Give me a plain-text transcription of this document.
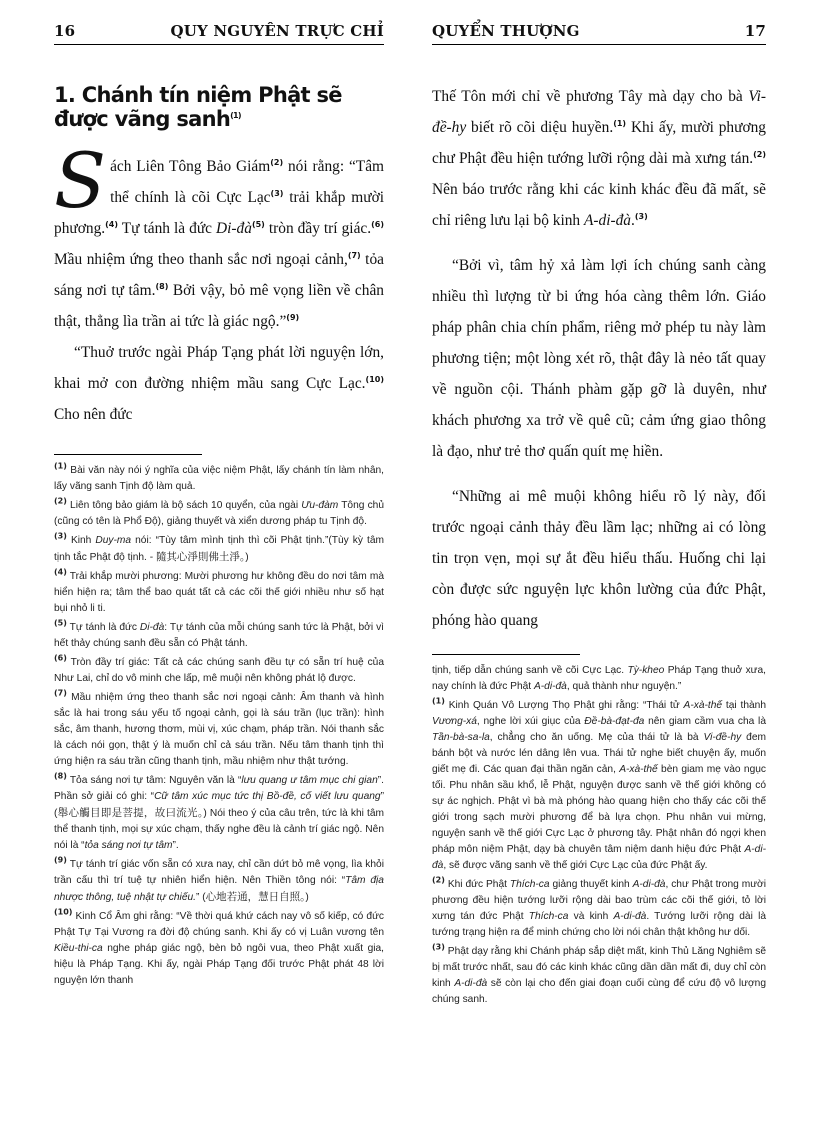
16	QUY NGUYÊN TRỰC CHỈ
1. Chánh tín niệm Phật sẽ được vãng sanh$^{(1)}$

Sách Liên Tông Bảo Giám$^{(2)}$ nói rằng: “Tâm thể chính là cõi Cực Lạc$^{(3)}$ trải khắp mười phương.$^{(4)}$ Tự tánh là đức $Di-đà^{(5)}$ tròn đầy trí giác.$^{(6)}$ Mầu nhiệm ứng theo thanh sắc nơi ngoại cảnh,$^{(7)}$ tỏa sáng nơi tự tâm.$^{(8)}$ Bởi vậy, bỏ mê vọng liền về chân thật, thẳng lìa trần ai tức là giác ngộ.”$^{(9)}$

“Thuở trước ngài Pháp Tạng phát lời nguyện lớn, khai mở con đường nhiệm mầu sang Cực Lạc.$^{(10)}$ Cho nên đức

$^{(1)}$ Bài văn này nói ý nghĩa của việc niệm Phật, lấy chánh tín làm nhân, lấy vãng sanh Tịnh độ làm quả.
$^{(2)}$ Liên tông bảo giám là bộ sách 10 quyển, của ngài Ưu-đàm Tông chủ (cũng có tên là Phổ Độ), giảng thuyết và xiển dương pháp tu Tịnh độ.
$^{(3)}$ Kinh Duy-ma nói: “Tùy tâm mình tịnh thì cõi Phật tịnh.”(Tùy kỳ tâm tịnh tắc Phật độ tịnh. - 隨其心淨則佛土淨。)
$^{(4)}$ Trải khắp mười phương: Mười phương hư không đều do nơi tâm mà hiển hiện ra; tâm thể bao quát tất cả các cõi thế giới nhiều như số hạt bụi nhỏ li ti.
$^{(5)}$ Tự tánh là đức Di-đà: Tự tánh của mỗi chúng sanh tức là Phật, bởi vì hết thảy chúng sanh đều sẵn có Phật tánh.
$^{(6)}$ Tròn đầy trí giác: Tất cả các chúng sanh đều tự có sẵn trí huệ của Như Lai, chỉ do vô minh che lấp, mê muội nên không phát lộ được.
$^{(7)}$ Mầu nhiệm ứng theo thanh sắc nơi ngoại cảnh: Âm thanh và hình sắc là hai trong sáu yếu tố ngoại cảnh, gọi là sáu trần (lục trần): hình sắc, âm thanh, hương thơm, mùi vị, xúc chạm, pháp trần. Nói thanh sắc là cách nói gọn, thật ý là muốn chỉ cả sáu trần. Nếu tâm thanh tịnh thì ứng hiện ra sáu trần cũng thanh tịnh, mầu nhiệm như thật tướng.
$^{(8)}$ Tỏa sáng nơi tự tâm: Nguyên văn là “lưu quang ư tâm mục chi gian”. Phần sở giải có ghi: “Cữ tâm xúc mục tức thị Bồ-đề, cố viết lưu quang” (舉心觸目即是菩提，故曰流光。) Nói theo ý của câu trên, tức là khi tâm thể thanh tịnh, mọi sự xúc chạm, thấy nghe đều là cảnh trí giác ngộ. Nên nói là “tỏa sáng nơi tự tâm”.
$^{(9)}$ Tự tánh trí giác vốn sẵn có xưa nay, chỉ cần dứt bỏ mê vọng, lìa khỏi trần cấu thì trí tuệ tự nhiên hiển hiện. Nên Thiền tông nói: “Tâm địa nhược thông, tuệ nhật tự chiếu.” (心地若通，慧日自照。)
$^{(10)}$ Kinh Cổ Âm ghi rằng: “Về thời quá khứ cách nay vô số kiếp, có đức Phật Tự Tại Vương ra đời độ chúng sanh. Khi ấy có vị Luân vương tên Kiều-thi-ca nghe pháp giác ngộ, bèn bỏ ngôi vua, theo Phật xuất gia, hiệu là Pháp Tạng. Khi ấy, ngài Pháp Tạng đối trước Phật phát 48 lời nguyện lớn thanh
QUYỂN THƯỢNG	17

Thế Tôn mới chỉ về phương Tây mà dạy cho bà Vi-đề-hy biết rõ cõi diệu huyền.$^{(1)}$ Khi ấy, mười phương chư Phật đều hiện tướng lưỡi rộng dài mà xưng tán.$^{(2)}$ Nên báo trước rằng khi các kinh khác đều đã mất, sẽ chỉ riêng lưu lại bộ kinh A-di-đà.$^{(3)}$

“Bởi vì, tâm hỷ xả làm lợi ích chúng sanh càng nhiều thì lượng từ bi ứng hóa càng thêm lớn. Giáo pháp phân chia chín phẩm, riêng mở phép tu này làm phương tiện; một lòng xét rõ, thật đây là nẻo tất quay về nguồn cội. Thánh phàm gặp gỡ là duyên, như khách phương xa trở về quê cũ; cảm ứng giao thông là đạo, như trẻ thơ quấn quít mẹ hiền.

“Những ai mê muội không hiểu rõ lý này, đối trước ngoại cảnh thảy đều lầm lạc; những ai có lòng tin trọn vẹn, mọi sự ắt đều hiểu thấu. Huống chi lại còn được sức nguyện lực khôn lường của đức Phật, phóng hào quang

tịnh, tiếp dẫn chúng sanh về cõi Cực Lạc. Tỳ-kheo Pháp Tạng thuở xưa, nay chính là đức Phật A-di-đà, quả thành như nguyện.”
$^{(1)}$ Kinh Quán Vô Lượng Thọ Phật ghi rằng: “Thái tử A-xà-thế tại thành Vương-xá, nghe lời xúi giục của Đề-bà-đạt-đa nên giam cầm vua cha là Tần-bà-sa-la, chẳng cho ăn uống. Mẹ của thái tử là bà Vi-đề-hy đem bánh bột và nước lén dâng lên vua. Thái tử nghe biết chuyện ấy, muốn giết mẹ đi. Các quan đại thần ngăn cản, A-xà-thế bèn giam mẹ vào ngục tối. Phu nhân sầu khổ, lễ Phật, nguyện được sanh về thế giới không có sự ác nghịch. Phật vì bà mà phóng hào quang hiện cho thấy các cõi thế giới trong sạch mười phương để bà lựa chọn. Phu nhân vui mừng, nguyện sanh về thế giới Cực Lạc ở phương tây. Phật nhân đó ngợi khen pháp môn niệm Phật, dạy bà chuyên tâm niệm danh hiệu đức Phật A-di-đà, sẽ được vãng sanh về thế giới Cực Lạc của đức Phật ấy.
$^{(2)}$ Khi đức Phật Thích-ca giảng thuyết kinh A-di-đà, chư Phật trong mười phương đều hiện tướng lưỡi rộng dài bao trùm các cõi thế giới, tỏ lời xưng tán đức Phật Thích-ca và kinh A-di-đà. Tướng lưỡi rộng dài là tướng trạng hiện ra để minh chứng cho lời nói chân thật không hư dối.
$^{(3)}$ Phật dạy rằng khi Chánh pháp sắp diệt mất, kinh Thủ Lăng Nghiêm sẽ bị mất trước nhất, sau đó các kinh khác cũng dần dần mất đi, duy chỉ còn kinh A-di-đà sẽ còn lại cho đến giai đoạn cuối cùng để cứu độ vô lượng chúng sanh.
